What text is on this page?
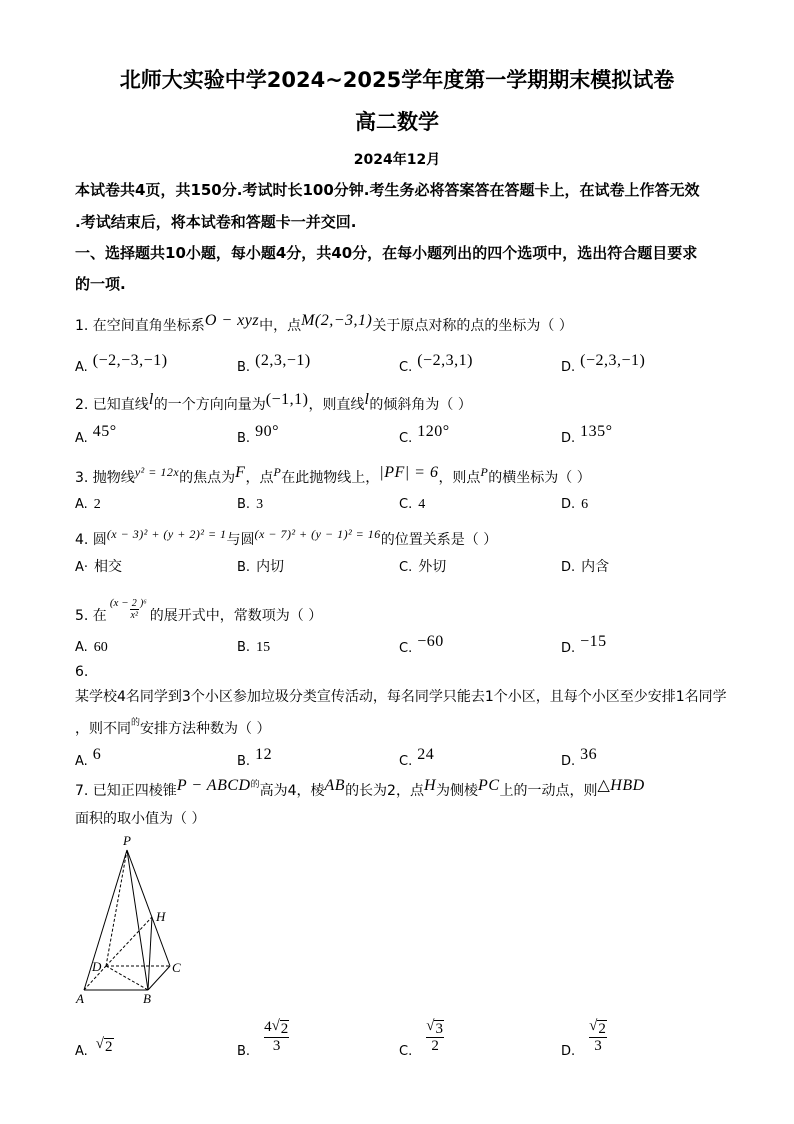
北师大实验中学2024~2025学年度第一学期期末模拟试卷
高二数学
2024年12月
本试卷共4页，共150分.考试时长100分钟.考生务必将答案答在答题卡上，在试卷上作答无效
.考试结束后，将本试卷和答题卡一并交回.
一、选择题共10小题，每小题4分，共40分，在每小题列出的四个选项中，选出符合题目要求
的一项.
1. 在空间直角坐标系O − xyz中，点M(2,−3,1)关于原点对称的点的坐标为（ ）
A. (−2,−3,−1)	B. (2,3,−1)	C. (−2,3,1)	D. (−2,3,−1)
2. 已知直线l的一个方向向量为(−1,1)，则直线l的倾斜角为（ ）
A. 45°	B. 90°	C. 120°	D. 135°
3. 抛物线y² = 12x的焦点为F，点P在此抛物线上，|PF| = 6，则点P的横坐标为（ ）
A. 2	B. 3	C. 4	D. 6
4. 圆(x − 3)² + (y + 2)² = 1与圆(x − 7)² + (y − 1)² = 16的位置关系是（ ）
A· 相交	B. 内切	C. 外切	D. 内含
5. 在
$(x - \frac{2}{\text{x²}} )^6$
的展开式中，常数项为（ ）
A. 60	B. 15	C. −60	D. −15
6.
某学校4名同学到3个小区参加垃圾分类宣传活动，每名同学只能去1个小区，且每个小区至少安排1名同学
，则不同$^的$安排方法种数为（ ）
A. 6	B. 12	C. 24	D. 36
7. 已知正四棱锥$P - ABCD^的$高为4，棱AB的长为2，点H为侧棱PC上的一动点，则△HBD
面积的取小值为（ ）
P
H
D	C
A	B
A. √ 2	B. $\frac{4 √ 2}{3}$	C. $\frac{√ 3}{2}$	D. $\frac{√ 2}{3}$
